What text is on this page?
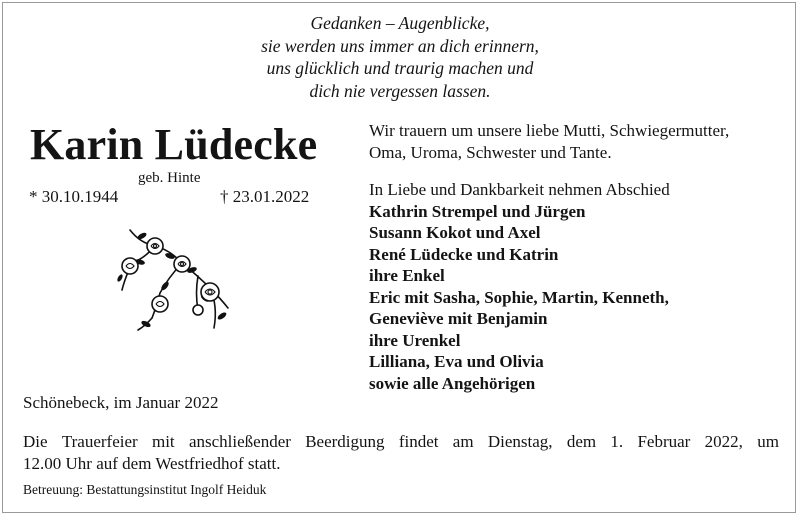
Gedanken – Augenblicke,
sie werden uns immer an dich erinnern,
uns glücklich und traurig machen und
dich nie vergessen lassen.
Karin Lüdecke
geb. Hinte
* 30.10.1944	† 23.01.2022
Schönebeck, im Januar 2022
Wir trauern um unsere liebe Mutti, Schwiegermutter,
Oma, Uroma, Schwester und Tante.
In Liebe und Dankbarkeit nehmen Abschied
Kathrin Strempel und Jürgen
Susann Kokot und Axel
René Lüdecke und Katrin
ihre Enkel
Eric mit Sasha, Sophie, Martin, Kenneth,
Geneviève mit Benjamin
ihre Urenkel
Lilliana, Eva und Olivia
sowie alle Angehörigen
Die Trauerfeier mit anschließender Beerdigung findet am Dienstag, dem 1. Februar 2022, um
12.00 Uhr auf dem Westfriedhof statt.
Betreuung: Bestattungsinstitut Ingolf Heiduk
